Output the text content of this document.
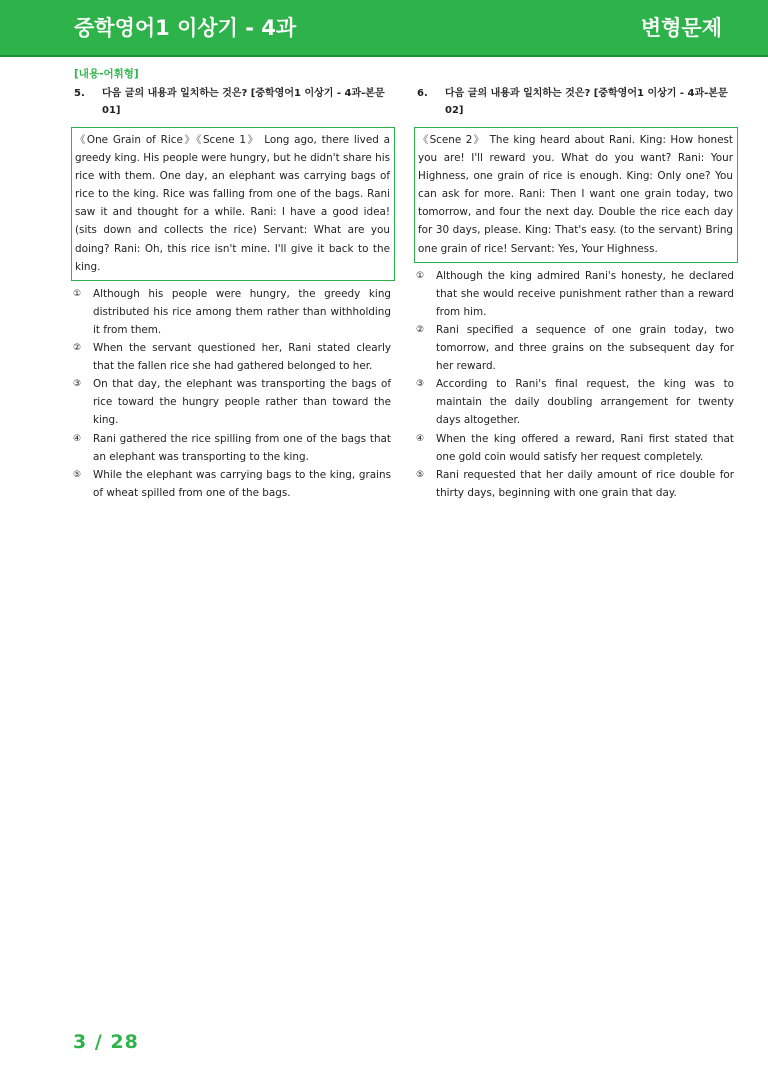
중학영어1 이상기 - 4과	변형문제
[내용-어휘형]
5. 다음 글의 내용과 일치하는 것은? [중학영어1 이상기 - 4과-본문 01]
《One Grain of Rice》《Scene 1》 Long ago, there lived a greedy king. His people were hungry, but he didn't share his rice with them. One day, an elephant was carrying bags of rice to the king. Rice was falling from one of the bags. Rani saw it and thought for a while. Rani: I have a good idea! (sits down and collects the rice) Servant: What are you doing? Rani: Oh, this rice isn't mine. I'll give it back to the king.
① Although his people were hungry, the greedy king distributed his rice among them rather than withholding it from them.
② When the servant questioned her, Rani stated clearly that the fallen rice she had gathered belonged to her.
③ On that day, the elephant was transporting the bags of rice toward the hungry people rather than toward the king.
④ Rani gathered the rice spilling from one of the bags that an elephant was transporting to the king.
⑤ While the elephant was carrying bags to the king, grains of wheat spilled from one of the bags.
6. 다음 글의 내용과 일치하는 것은? [중학영어1 이상기 - 4과-본문 02]
《Scene 2》 The king heard about Rani. King: How honest you are! I'll reward you. What do you want? Rani: Your Highness, one grain of rice is enough. King: Only one? You can ask for more. Rani: Then I want one grain today, two tomorrow, and four the next day. Double the rice each day for 30 days, please. King: That's easy. (to the servant) Bring one grain of rice! Servant: Yes, Your Highness.
① Although the king admired Rani's honesty, he declared that she would receive punishment rather than a reward from him.
② Rani specified a sequence of one grain today, two tomorrow, and three grains on the subsequent day for her reward.
③ According to Rani's final request, the king was to maintain the daily doubling arrangement for twenty days altogether.
④ When the king offered a reward, Rani first stated that one gold coin would satisfy her request completely.
⑤ Rani requested that her daily amount of rice double for thirty days, beginning with one grain that day.
3 / 28
